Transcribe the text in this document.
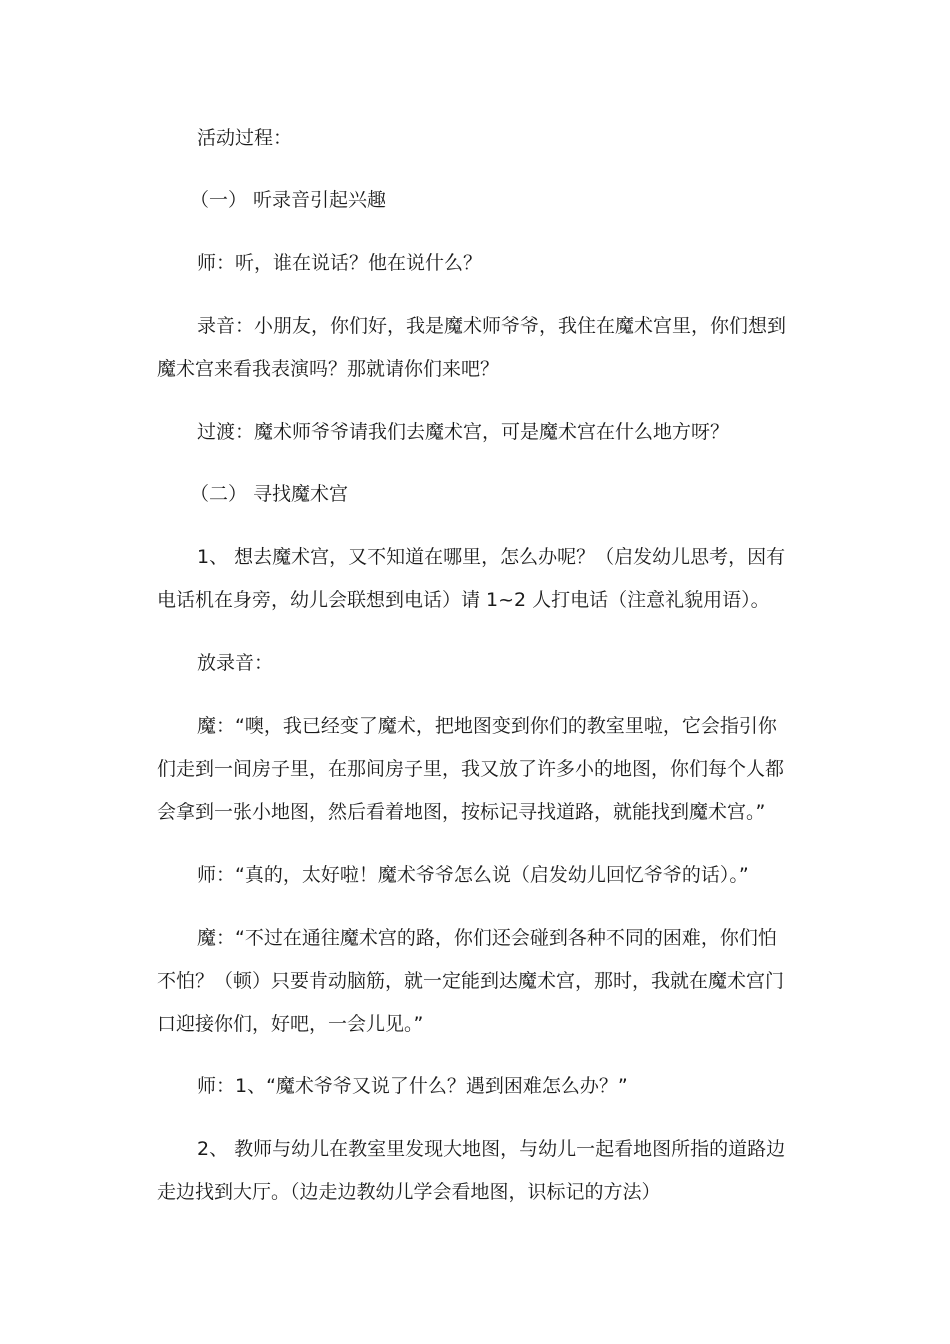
活动过程：

（一） 听录音引起兴趣

师：听，谁在说话？他在说什么？

录音：小朋友，你们好，我是魔术师爷爷，我住在魔术宫里，你们想到

魔术宫来看我表演吗？那就请你们来吧？

过渡：魔术师爷爷请我们去魔术宫，可是魔术宫在什么地方呀？

（二） 寻找魔术宫

1、 想去魔术宫，又不知道在哪里，怎么办呢？（启发幼儿思考，因有

电话机在身旁，幼儿会联想到电话）请 1~2 人打电话（注意礼貌用语）。

放录音：

魔：“噢，我已经变了魔术，把地图变到你们的教室里啦，它会指引你

们走到一间房子里，在那间房子里，我又放了许多小的地图，你们每个人都

会拿到一张小地图，然后看着地图，按标记寻找道路，就能找到魔术宫。”

师：“真的，太好啦！魔术爷爷怎么说（启发幼儿回忆爷爷的话）。”

魔：“不过在通往魔术宫的路，你们还会碰到各种不同的困难，你们怕

不怕？（顿）只要肯动脑筋，就一定能到达魔术宫，那时，我就在魔术宫门

口迎接你们，好吧，一会儿见。”

师：1、“魔术爷爷又说了什么？遇到困难怎么办？”

2、 教师与幼儿在教室里发现大地图，与幼儿一起看地图所指的道路边

走边找到大厅。（边走边教幼儿学会看地图，识标记的方法）
